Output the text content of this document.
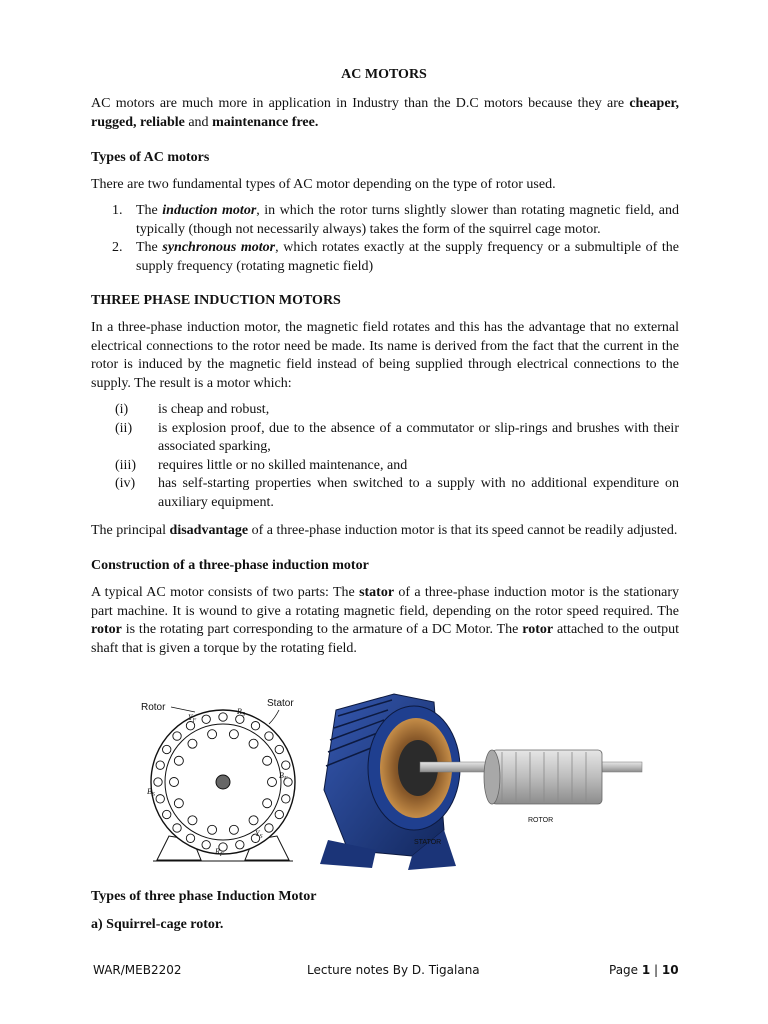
AC MOTORS
AC motors are much more in application in Industry than the D.C motors because they are cheaper, rugged, reliable and maintenance free.
Types of AC motors
There are two fundamental types of AC motor depending on the type of rotor used.
1. The induction motor, in which the rotor turns slightly slower than rotating magnetic field, and typically (though not necessarily always) takes the form of the squirrel cage motor.
2. The synchronous motor, which rotates exactly at the supply frequency or a submultiple of the supply frequency (rotating magnetic field)
THREE PHASE INDUCTION MOTORS
In a three-phase induction motor, the magnetic field rotates and this has the advantage that no external electrical connections to the rotor need be made. Its name is derived from the fact that the current in the rotor is induced by the magnetic field instead of being supplied through electrical connections to the supply. The result is a motor which:
(i) is cheap and robust,
(ii) is explosion proof, due to the absence of a commutator or slip-rings and brushes with their associated sparking,
(iii) requires little or no skilled maintenance, and
(iv) has self-starting properties when switched to a supply with no additional expenditure on auxiliary equipment.
The principal disadvantage of a three-phase induction motor is that its speed cannot be readily adjusted.
Construction of a three-phase induction motor
A typical AC motor consists of two parts: The stator of a three-phase induction motor is the stationary part machine. It is wound to give a rotating magnetic field, depending on the rotor speed required. The rotor is the rotating part corresponding to the armature of a DC Motor. The rotor attached to the output shaft that is given a torque by the rotating field.
Rotor	Stator
$Y_F$
$R_S$
$B_F$
$B_S$
$Y_S$
$R_F$
ROTOR
STATOR
Types of three phase Induction Motor
a) Squirrel-cage rotor.
WAR/MEB2202	Lecture notes By D. Tigalana	Page 1 | 10
